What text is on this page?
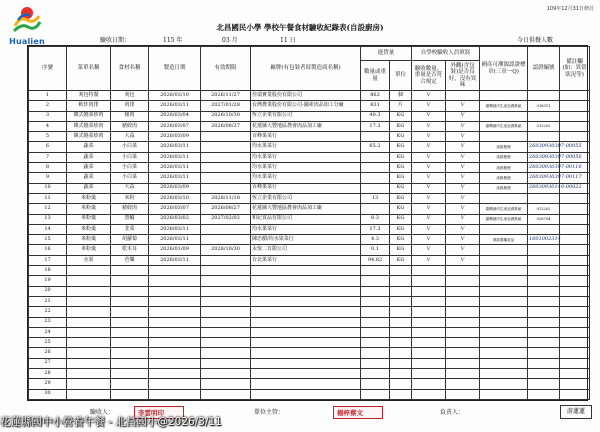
Hualien
109年12月31日修訂
北昌國民小學 學校午餐食材驗收紀錄表(自設廚房)
驗收日期：	115 年	03 月	11 日	今日供餐人數
序號	菜單名稱	食材名稱	製造日期	有效期限	廠牌(有包裝者寫製造商名稱)	進貨量		自學校驗收人員填寫		國產可溯源認證標章(三章一Q)	認證編號	備註欄(如：異常狀況等)
						數量或重量	單位	驗收數量、重量是否符合規定	外觀(含包裝)是否良好，沒有異味			
1	刈包特餐	刈包	2026/03/10	2026/11/27	佳瑞實業股份有限公司	862	個	V				
2	軟炸肉排	肉排	2026/03/11	2027/01/28	台灣農業股份有限公司-國產肉品加工分廠	831	片	V	V	臺灣豬肉生產追溯系統	018311	
3	韓式燒菜炒肉	豬肉	2026/03/04	2026/10/30	恆立企業有限公司	40.3	KG	V	V			
4	韓式燒菜炒肉	豬絞肉	2026/03/07	2026/08/27	花蓮縣大豐地區農會肉品加工廠	17.3	KG	V	V	臺灣豬肉生產追溯系統	012202	
5	韓式燒菜炒肉	大蒜	2026/03/09		百峰果菜行		KG	V	V			
6	蔬菜	小白菜	2026/03/11		均水果菜行	65.2	KG	V	V	產銷履歷	26030930397-00055	
7	蔬菜	小白菜	2026/03/11		均水果菜行		KG	V	V	產銷履歷	26030930397-00056	
8	蔬菜	小白菜	2026/03/11		均水果菜行		KG	V	V	產銷履歷	26030930397-00116	
9	蔬菜	小白菜	2026/03/11		均水果菜行		KG	V	V	產銷履歷	26030930397-00117	
10	蔬菜	大蒜	2026/03/09		百峰果菜行		KG	V	V	產銷履歷	26030930140-00022	
11	米粉羹	米粉	2026/03/10	2028/11/18	恆立企業有限公司	13	KG	V	V			
12	米粉羹	豬絞肉	2026/03/07	2026/08/27	花蓮縣大豐地區農會肉品加工廠		KG	V	V	臺灣豬肉生產追溯系統	012202	
13	米粉羹	黑輪	2026/03/02	2027/02/02	和記食品有限公司	8.3	KG	V	V	臺灣豬肉生產追溯系統	026704	
14	米粉羹	韭菜	2026/03/11		均水果菜行	17.3	KG	V	V			
15	米粉羹	胡蘿蔔	2026/03/11		陳忠樹/均水果菜行	4.3	KG	V	V	溯源農糧產品	1601002314	
16	米粉羹	乾木耳	2026/01/09	2028/10/30	永悅二有限公司	0.1	KG	V	V			
17	水果	芭樂	2026/03/11		台北果菜行	94.82	KG	V	V			
18												
19												
20												
21												
22												
23												
24												
25												
26												
27												
28												
29												
30												
驗收人：	李雲明印	單位主管：	楊梓蔡文	負責人：	游蓮蓮
花蓮縣國中小營養午餐 - 北昌國小@2026/3/11
